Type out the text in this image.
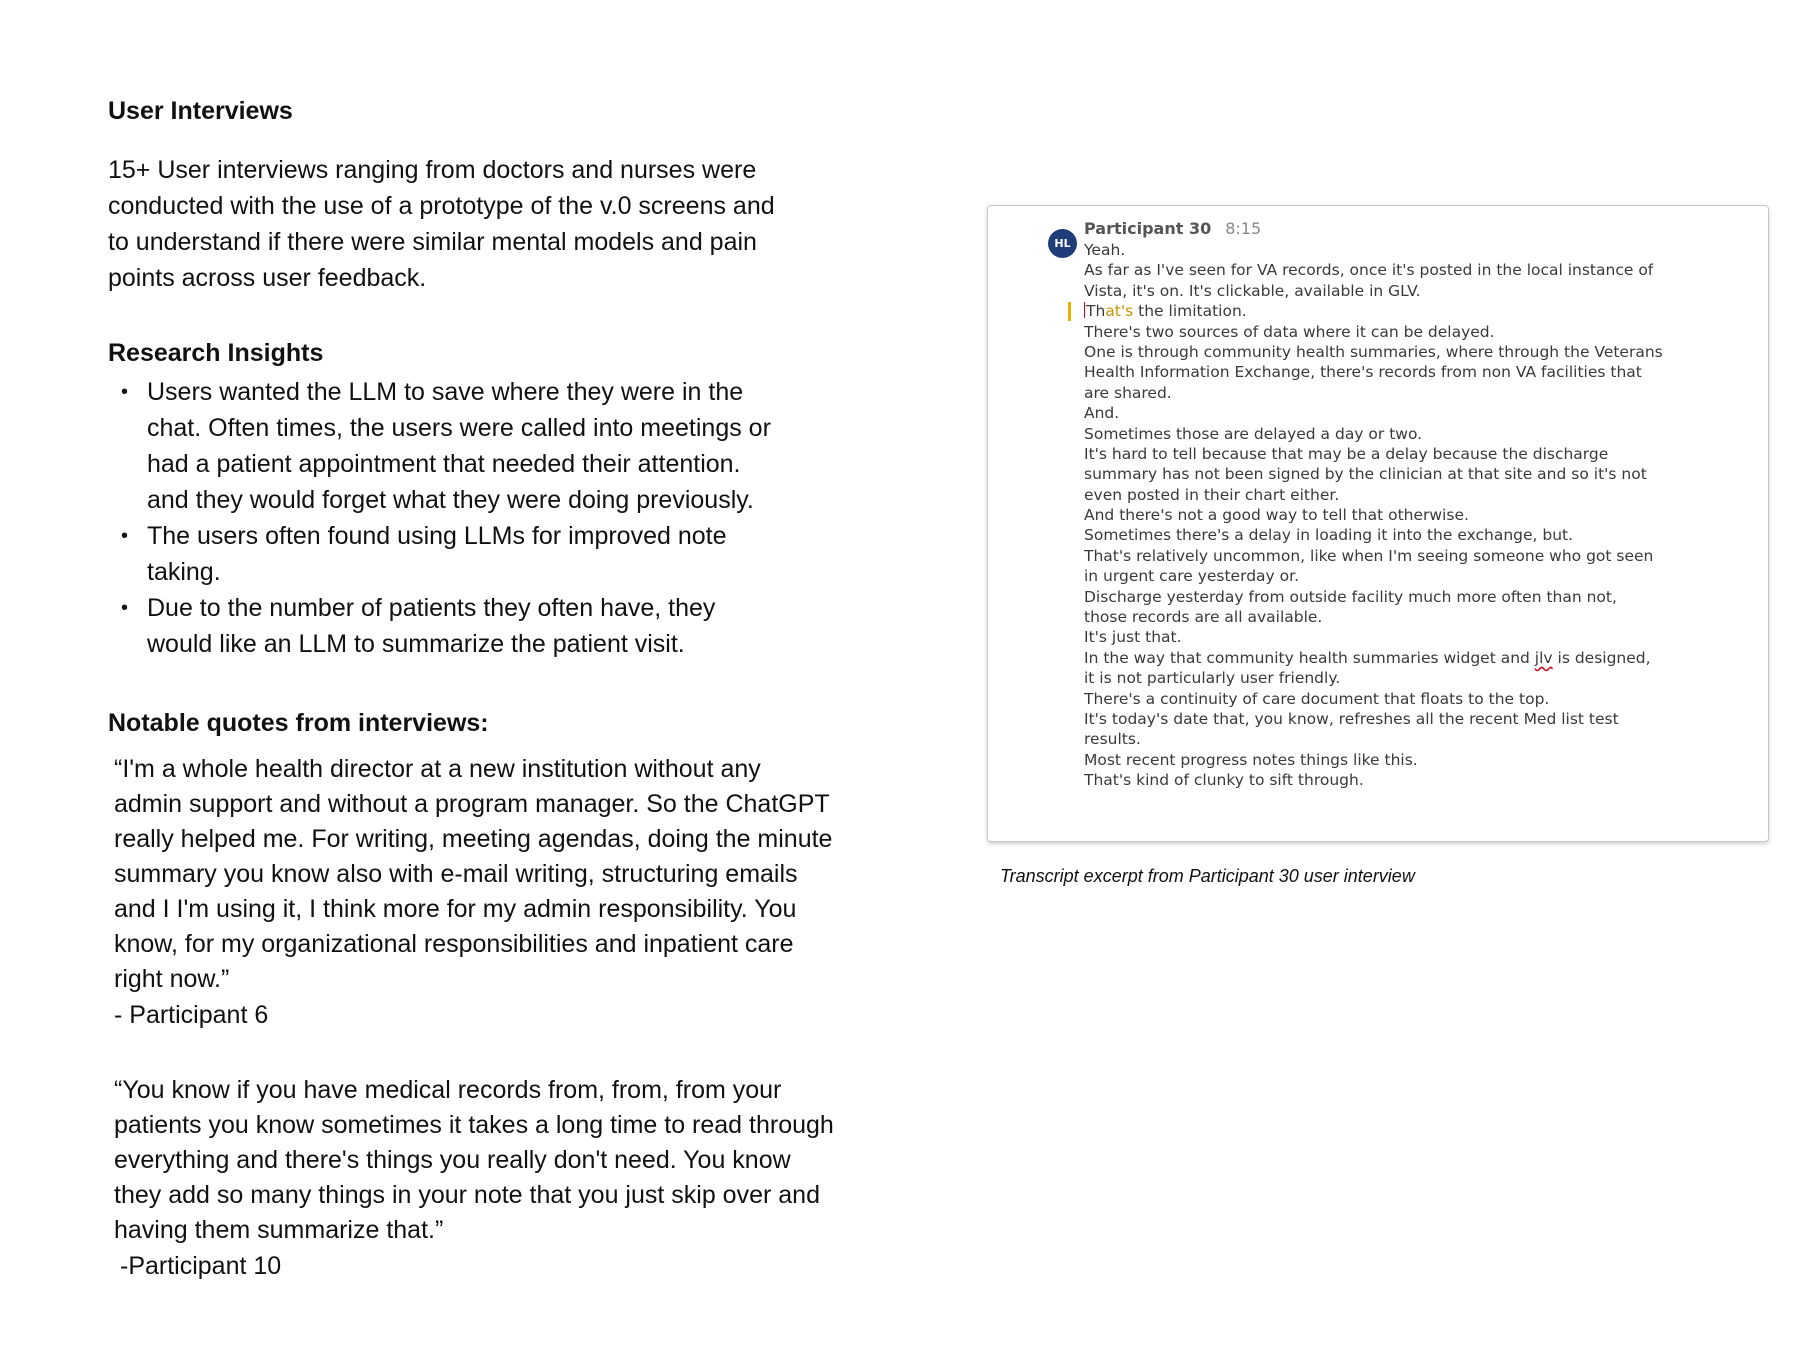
User Interviews

15+ User interviews ranging from doctors and nurses were

conducted with the use of a prototype of the v.0 screens and

to understand if there were similar mental models and pain

points across user feedback.

Research Insights
• Users wanted the LLM to save where they were in the
chat. Often times, the users were called into meetings or
had a patient appointment that needed their attention.
and they would forget what they were doing previously.
• The users often found using LLMs for improved note
taking.
• Due to the number of patients they often have, they
would like an LLM to summarize the patient visit.
Notable quotes from interviews:

“I'm a whole health director at a new institution without any

admin support and without a program manager. So the ChatGPT

really helped me. For writing, meeting agendas, doing the minute

summary you know also with e-mail writing, structuring emails

and I I'm using it, I think more for my admin responsibility. You

know, for my organizational responsibilities and inpatient care

right now.”

- Participant 6

“You know if you have medical records from, from, from your

patients you know sometimes it takes a long time to read through

everything and there's things you really don't need. You know

they add so many things in your note that you just skip over and

having them summarize that.”

-Participant 10

HL
Participant 30 8:15
Yeah.
As far as I've seen for VA records, once it's posted in the local instance of
Vista, it's on. It's clickable, available in GLV.
That's the limitation.
There's two sources of data where it can be delayed.
One is through community health summaries, where through the Veterans
Health Information Exchange, there's records from non VA facilities that
are shared.
And.
Sometimes those are delayed a day or two.
It's hard to tell because that may be a delay because the discharge
summary has not been signed by the clinician at that site and so it's not
even posted in their chart either.
And there's not a good way to tell that otherwise.
Sometimes there's a delay in loading it into the exchange, but.
That's relatively uncommon, like when I'm seeing someone who got seen
in urgent care yesterday or.
Discharge yesterday from outside facility much more often than not,
those records are all available.
It's just that.
In the way that community health summaries widget and jlv is designed,
it is not particularly user friendly.
There's a continuity of care document that floats to the top.
It's today's date that, you know, refreshes all the recent Med list test
results.
Most recent progress notes things like this.
That's kind of clunky to sift through.
Transcript excerpt from Participant 30 user interview
